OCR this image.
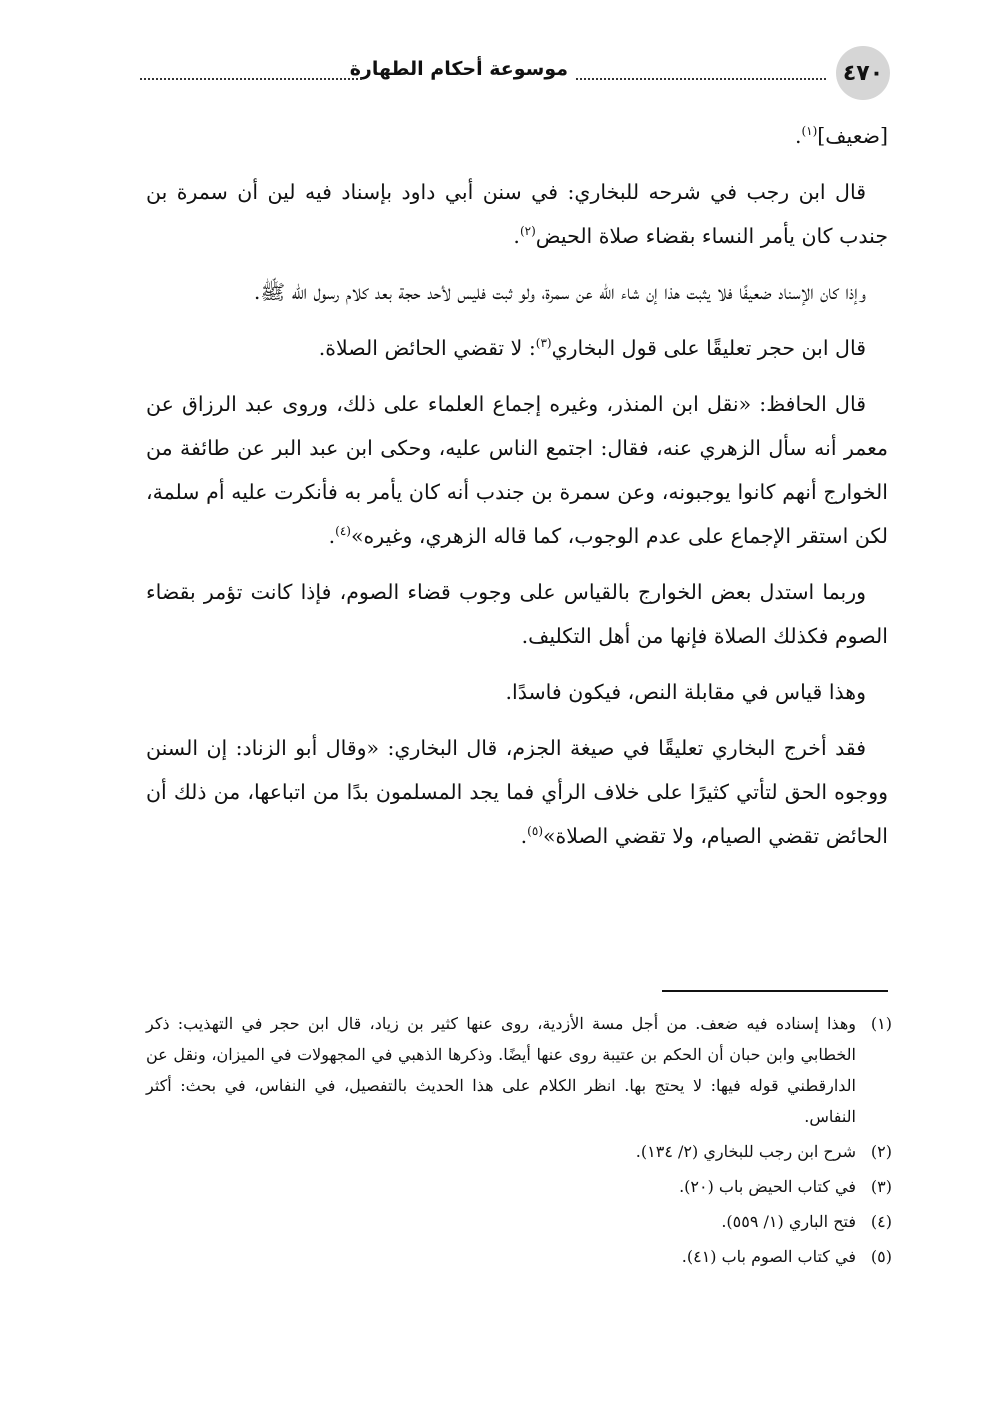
٤٧٠
موسوعة أحكام الطهارة

[ضعيف]$^{(١)}$.

قال ابن رجب في شرحه للبخاري: في سنن أبي داود بإسناد فيه لين أن سمرة بن جندب كان يأمر النساء بقضاء صلاة الحيض$^{(٢)}$.

وإذا كان الإسناد ضعيفًا فلا يثبت هذا إن شاء الله عن سمرة، ولو ثبت فليس لأحد حجة بعد كلام رسول الله ﷺ.

قال ابن حجر تعليقًا على قول البخاري$^{(٣)}$: لا تقضي الحائض الصلاة.

قال الحافظ: «نقل ابن المنذر، وغيره إجماع العلماء على ذلك، وروى عبد الرزاق عن معمر أنه سأل الزهري عنه، فقال: اجتمع الناس عليه، وحكى ابن عبد البر عن طائفة من الخوارج أنهم كانوا يوجبونه، وعن سمرة بن جندب أنه كان يأمر به فأنكرت عليه أم سلمة، لكن استقر الإجماع على عدم الوجوب، كما قاله الزهري، وغيره»$^{(٤)}$.

وربما استدل بعض الخوارج بالقياس على وجوب قضاء الصوم، فإذا كانت تؤمر بقضاء الصوم فكذلك الصلاة فإنها من أهل التكليف.

وهذا قياس في مقابلة النص، فيكون فاسدًا.

فقد أخرج البخاري تعليقًا في صيغة الجزم، قال البخاري: «وقال أبو الزناد: إن السنن ووجوه الحق لتأتي كثيرًا على خلاف الرأي فما يجد المسلمون بدًا من اتباعها، من ذلك أن الحائض تقضي الصيام، ولا تقضي الصلاة»$^{(٥)}$.

(١)
وهذا إسناده فيه ضعف. من أجل مسة الأزدية، روى عنها كثير بن زياد، قال ابن حجر في التهذيب: ذكر الخطابي وابن حبان أن الحكم بن عتيبة روى عنها أيضًا. وذكرها الذهبي في المجهولات في الميزان، ونقل عن الدارقطني قوله فيها: لا يحتج بها. انظر الكلام على هذا الحديث بالتفصيل، في النفاس، في بحث: أكثر النفاس.
(٢)
شرح ابن رجب للبخاري (٢/ ١٣٤).
(٣)
في كتاب الحيض باب (٢٠).
(٤)
فتح الباري (١/ ٥٥٩).
(٥)
في كتاب الصوم باب (٤١).
